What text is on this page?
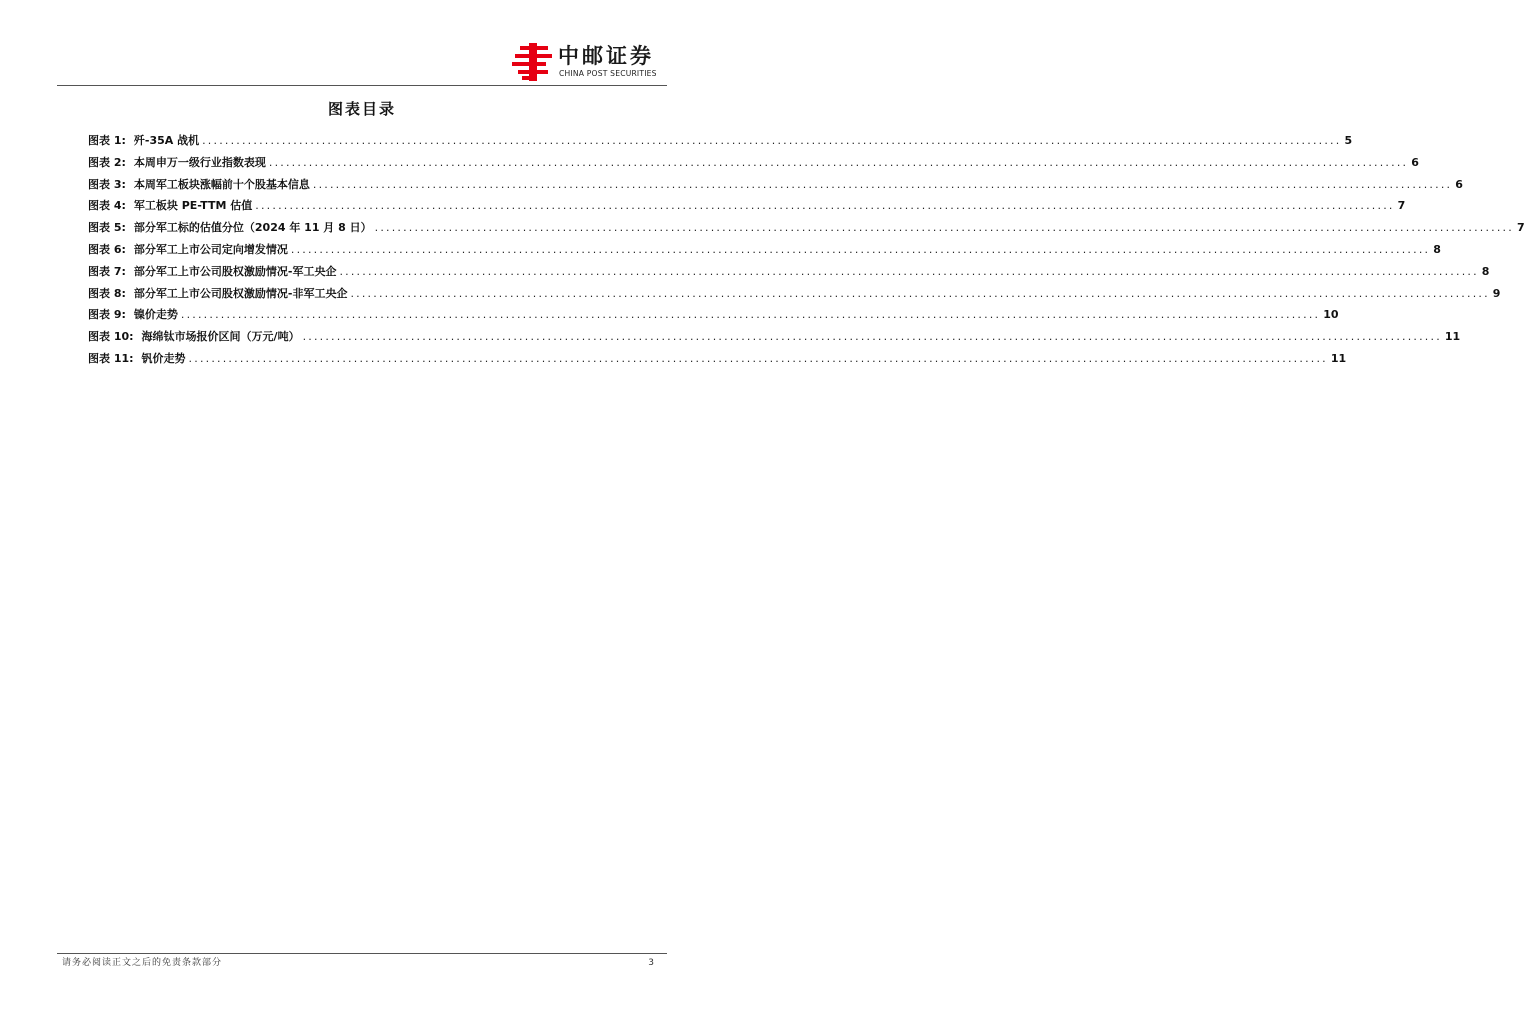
中邮证券
CHINA POST SECURITIES
图表目录
图表 1: 歼-35A 战机 ........................................................................................................................................................................................................ 5
图表 2: 本周申万一级行业指数表现 ........................................................................................................................................................................................................ 6
图表 3: 本周军工板块涨幅前十个股基本信息 ........................................................................................................................................................................................................ 6
图表 4: 军工板块 PE-TTM 估值 ........................................................................................................................................................................................................ 7
图表 5: 部分军工标的估值分位（2024 年 11 月 8 日） ........................................................................................................................................................................................................ 7
图表 6: 部分军工上市公司定向增发情况 ........................................................................................................................................................................................................ 8
图表 7: 部分军工上市公司股权激励情况-军工央企 ........................................................................................................................................................................................................ 8
图表 8: 部分军工上市公司股权激励情况-非军工央企 ........................................................................................................................................................................................................ 9
图表 9: 镍价走势 ........................................................................................................................................................................................................ 10
图表 10: 海绵钛市场报价区间（万元/吨） ........................................................................................................................................................................................................ 11
图表 11: 钒价走势 ........................................................................................................................................................................................................ 11
请务必阅读正文之后的免责条款部分	3
